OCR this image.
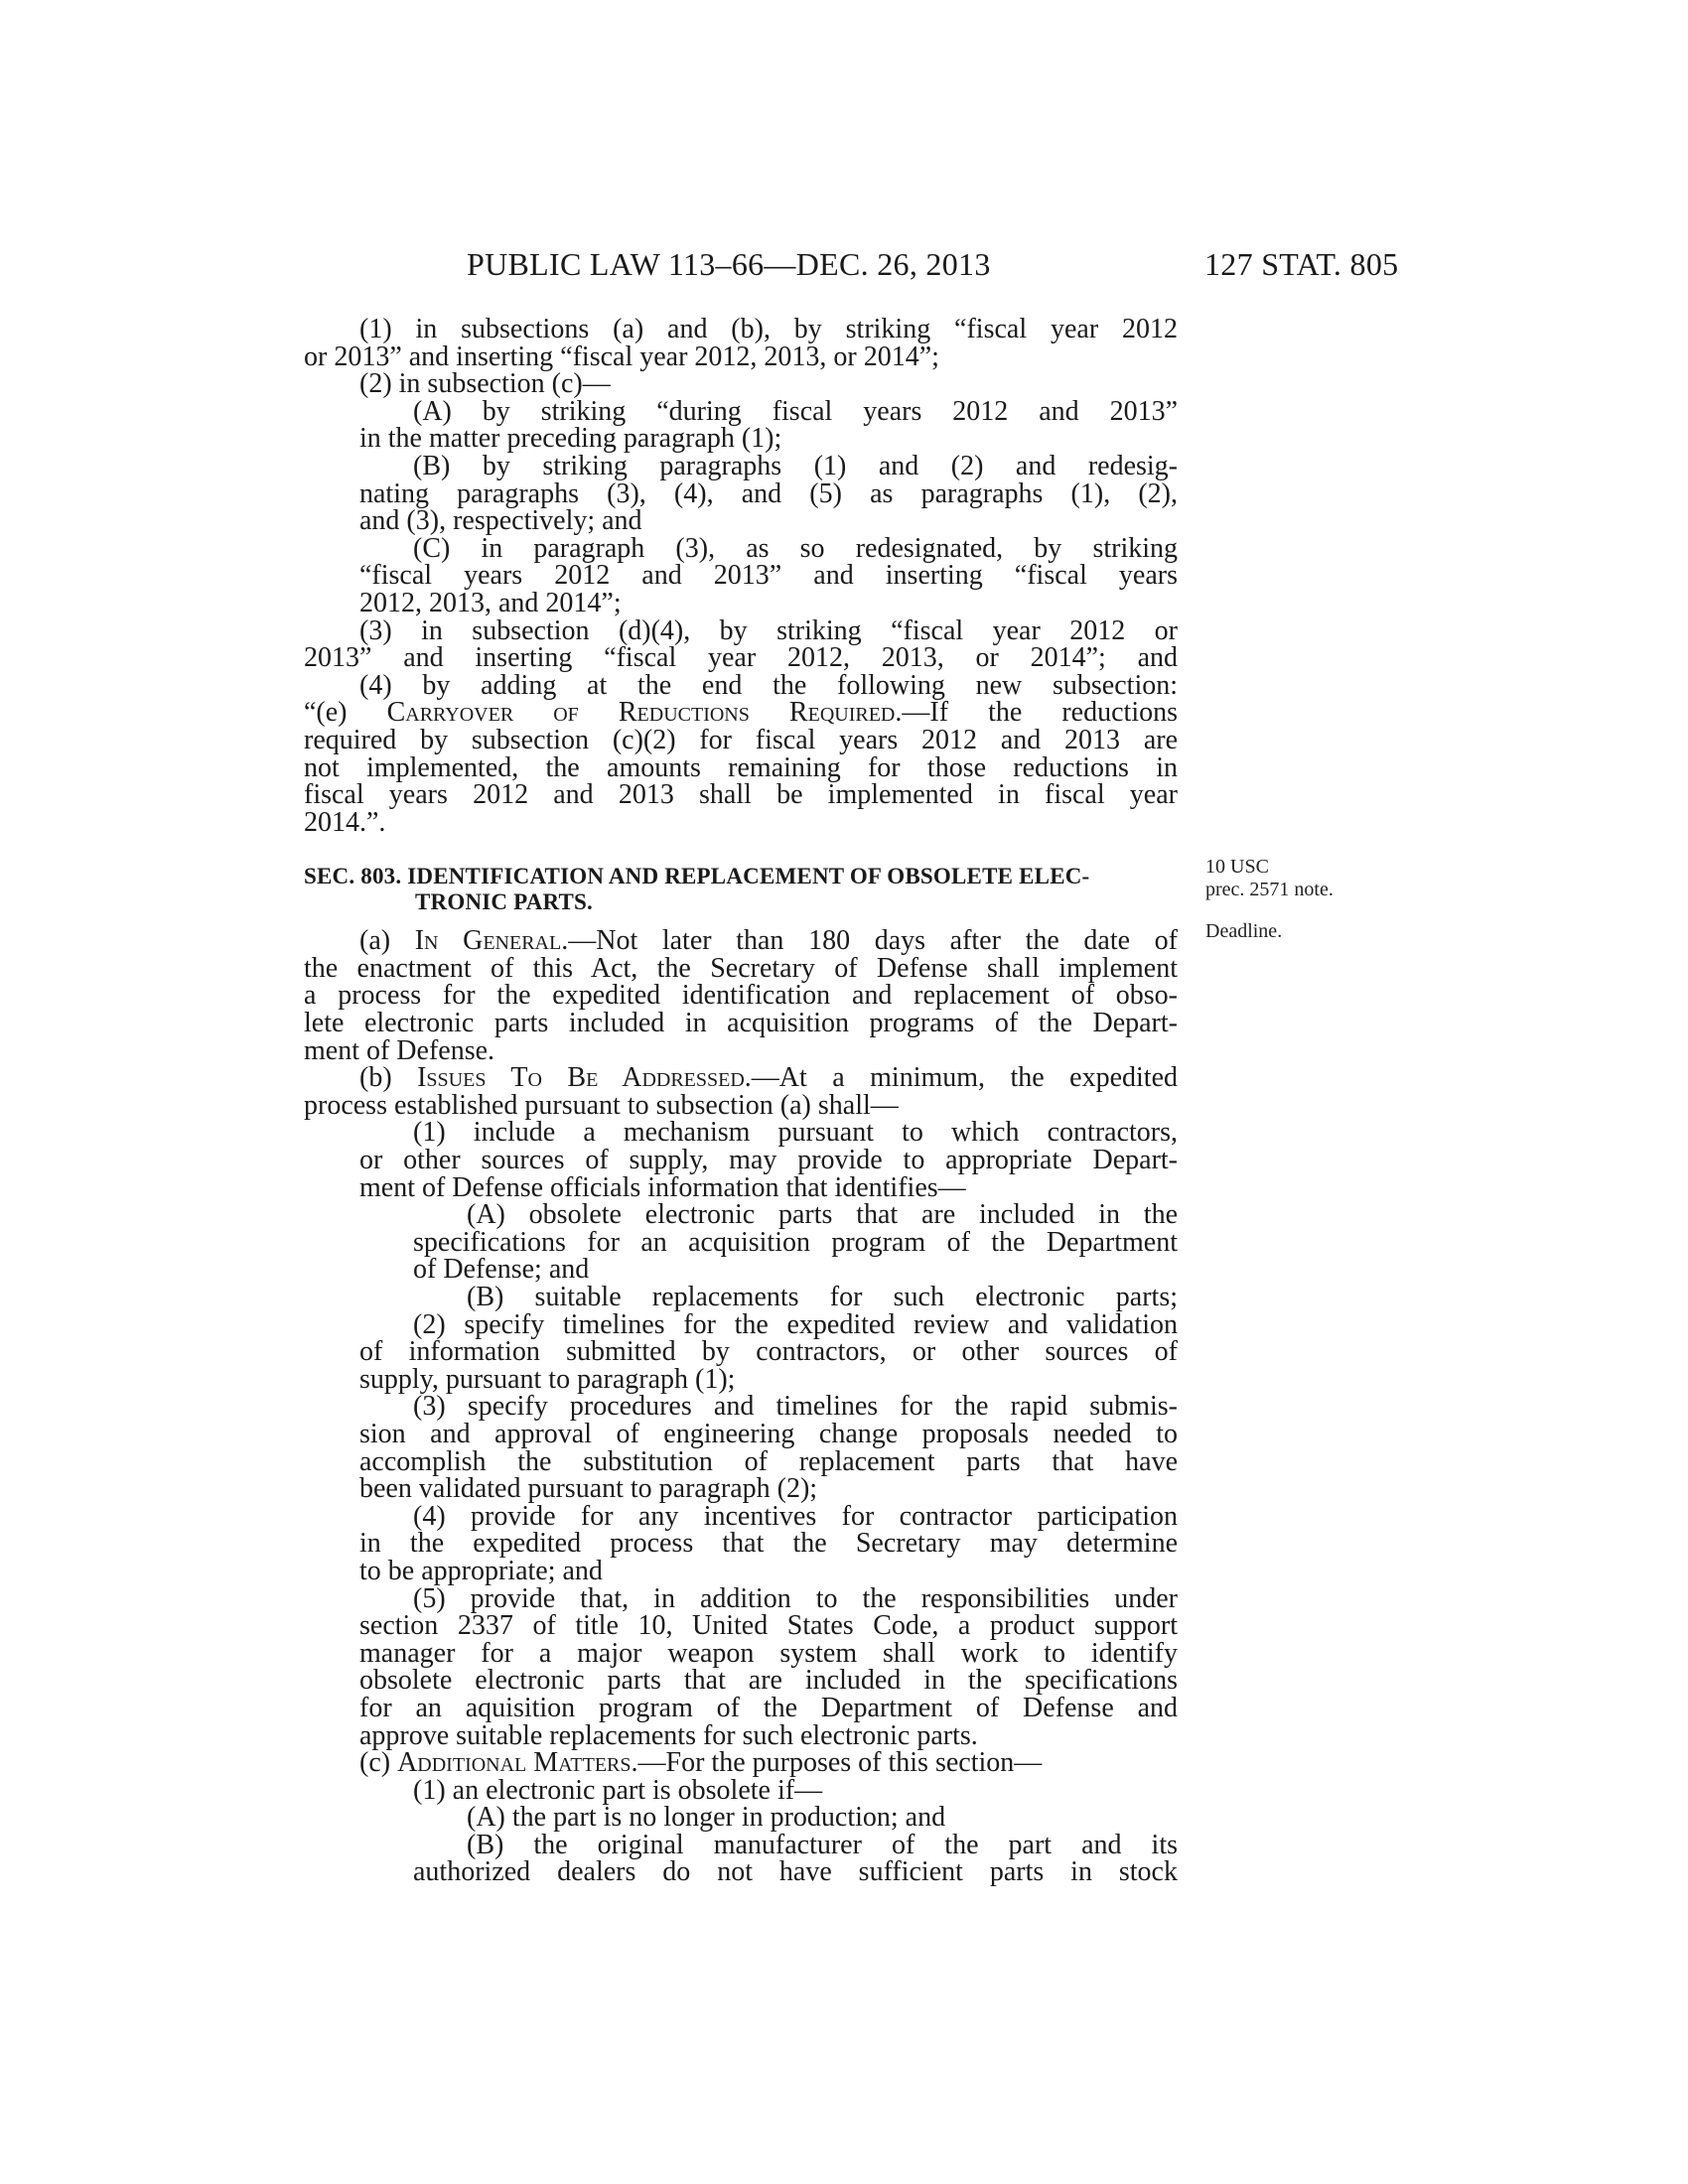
PUBLIC LAW 113–66—DEC. 26, 2013	127 STAT. 805
10 USC
prec. 2571 note.
Deadline.
(1) in subsections (a) and (b), by striking “fiscal year 2012
or 2013” and inserting “fiscal year 2012, 2013, or 2014”;
(2) in subsection (c)—
(A) by striking “during fiscal years 2012 and 2013”
in the matter preceding paragraph (1);
(B) by striking paragraphs (1) and (2) and redesig-
nating paragraphs (3), (4), and (5) as paragraphs (1), (2),
and (3), respectively; and
(C) in paragraph (3), as so redesignated, by striking
“fiscal years 2012 and 2013” and inserting “fiscal years
2012, 2013, and 2014”;
(3) in subsection (d)(4), by striking “fiscal year 2012 or
2013” and inserting “fiscal year 2012, 2013, or 2014”; and
(4) by adding at the end the following new subsection:
“(e) Carryover of Reductions Required.—If the reductions
required by subsection (c)(2) for fiscal years 2012 and 2013 are
not implemented, the amounts remaining for those reductions in
fiscal years 2012 and 2013 shall be implemented in fiscal year
2014.”.
SEC. 803. IDENTIFICATION AND REPLACEMENT OF OBSOLETE ELEC-
TRONIC PARTS.
(a) In General.—Not later than 180 days after the date of
the enactment of this Act, the Secretary of Defense shall implement
a process for the expedited identification and replacement of obso-
lete electronic parts included in acquisition programs of the Depart-
ment of Defense.
(b) Issues To Be Addressed.—At a minimum, the expedited
process established pursuant to subsection (a) shall—
(1) include a mechanism pursuant to which contractors,
or other sources of supply, may provide to appropriate Depart-
ment of Defense officials information that identifies—
(A) obsolete electronic parts that are included in the
specifications for an acquisition program of the Department
of Defense; and
(B) suitable replacements for such electronic parts;
(2) specify timelines for the expedited review and validation
of information submitted by contractors, or other sources of
supply, pursuant to paragraph (1);
(3) specify procedures and timelines for the rapid submis-
sion and approval of engineering change proposals needed to
accomplish the substitution of replacement parts that have
been validated pursuant to paragraph (2);
(4) provide for any incentives for contractor participation
in the expedited process that the Secretary may determine
to be appropriate; and
(5) provide that, in addition to the responsibilities under
section 2337 of title 10, United States Code, a product support
manager for a major weapon system shall work to identify
obsolete electronic parts that are included in the specifications
for an aquisition program of the Department of Defense and
approve suitable replacements for such electronic parts.
(c) Additional Matters.—For the purposes of this section—
(1) an electronic part is obsolete if—
(A) the part is no longer in production; and
(B) the original manufacturer of the part and its
authorized dealers do not have sufficient parts in stock
